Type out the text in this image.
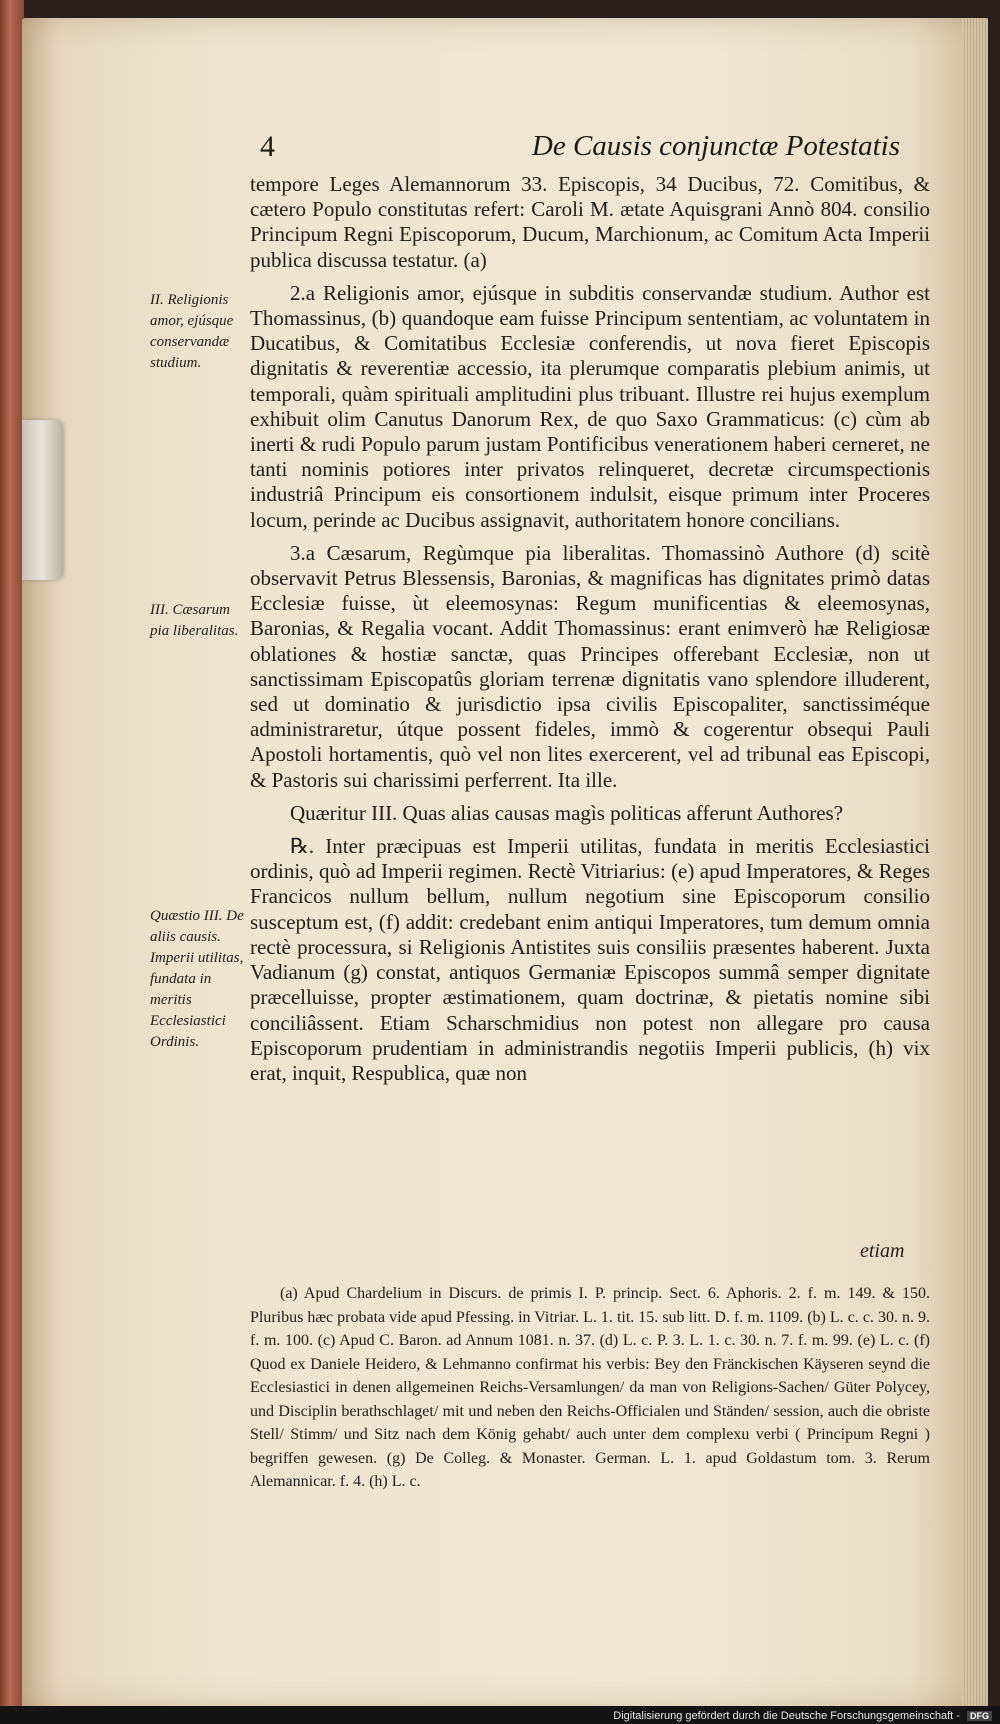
4	De Causis conjunctæ Potestatis
II. Religionis amor, ejúsque conservandæ studium.
III. Cæsarum pia liberalitas.
Quæstio III. De aliis causis. Imperii utilitas, fundata in meritis Ecclesiastici Ordinis.

tempore Leges Alemannorum 33. Episcopis, 34 Ducibus, 72. Comitibus, & cætero Populo constitutas refert: Caroli M. ætate Aquisgrani Annò 804. consilio Principum Regni Episcoporum, Ducum, Marchionum, ac Comitum Acta Imperii publica discussa testatur. (a)

2.a Religionis amor, ejúsque in subditis conservandæ studium. Author est Thomassinus, (b) quandoque eam fuisse Principum sententiam, ac voluntatem in Ducatibus, & Comitatibus Ecclesiæ conferendis, ut nova fieret Episcopis dignitatis & reverentiæ accessio, ita plerumque comparatis plebium animis, ut temporali, quàm spirituali amplitudini plus tribuant. Illustre rei hujus exemplum exhibuit olim Canutus Danorum Rex, de quo Saxo Grammaticus: (c) cùm ab inerti & rudi Populo parum justam Pontificibus venerationem haberi cerneret, ne tanti nominis potiores inter privatos relinqueret, decretæ circumspectionis industriâ Principum eis consortionem indulsit, eisque primum inter Proceres locum, perinde ac Ducibus assignavit, authoritatem honore concilians.

3.a Cæsarum, Regùmque pia liberalitas. Thomassinò Authore (d) scitè observavit Petrus Blessensis, Baronias, & magnificas has dignitates primò datas Ecclesiæ fuisse, ùt eleemosynas: Regum munificentias & eleemosynas, Baronias, & Regalia vocant. Addit Thomassinus: erant enimverò hæ Religiosæ oblationes & hostiæ sanctæ, quas Principes offerebant Ecclesiæ, non ut sanctissimam Episcopatûs gloriam terrenæ dignitatis vano splendore illuderent, sed ut dominatio & jurisdictio ipsa civilis Episcopaliter, sanctissiméque administraretur, útque possent fideles, immò & cogerentur obsequi Pauli Apostoli hortamentis, quò vel non lites exercerent, vel ad tribunal eas Episcopi, & Pastoris sui charissimi perferrent. Ita ille.

Quæritur III. Quas alias causas magìs politicas afferunt Authores?

℞. Inter præcipuas est Imperii utilitas, fundata in meritis Ecclesiastici ordinis, quò ad Imperii regimen. Rectè Vitriarius: (e) apud Imperatores, & Reges Francicos nullum bellum, nullum negotium sine Episcoporum consilio susceptum est, (f) addit: credebant enim antiqui Imperatores, tum demum omnia rectè processura, si Religionis Antistites suis consiliis præsentes haberent. Juxta Vadianum (g) constat, antiquos Germaniæ Episcopos summâ semper dignitate præcelluisse, propter æstimationem, quam doctrinæ, & pietatis nomine sibi conciliâssent. Etiam Scharschmidius non potest non allegare pro causa Episcoporum prudentiam in administrandis negotiis Imperii publicis, (h) vix erat, inquit, Respublica, quæ non

etiam

(a) Apud Chardelium in Discurs. de primis I. P. princip. Sect. 6. Aphoris. 2. f. m. 149. & 150. Pluribus hæc probata vide apud Pfessing. in Vitriar. L. 1. tit. 15. sub litt. D. f. m. 1109. (b) L. c. c. 30. n. 9. f. m. 100. (c) Apud C. Baron. ad Annum 1081. n. 37. (d) L. c. P. 3. L. 1. c. 30. n. 7. f. m. 99. (e) L. c. (f) Quod ex Daniele Heidero, & Lehmanno confirmat his verbis: Bey den Fränckischen Käyseren seynd die Ecclesiastici in denen allgemeinen Reichs-Versamlungen/ da man von Religions-Sachen/ Güter Polycey, und Disciplin berathschlaget/ mit und neben den Reichs-Officialen und Ständen/ session, auch die obriste Stell/ Stimm/ und Sitz nach dem König gehabt/ auch unter dem complexu verbi ( Principum Regni ) begriffen gewesen. (g) De Colleg. & Monaster. German. L. 1. apud Goldastum tom. 3. Rerum Alemannicar. f. 4. (h) L. c.

Digitalisierung gefördert durch die Deutsche Forschungsgemeinschaft - DFG
